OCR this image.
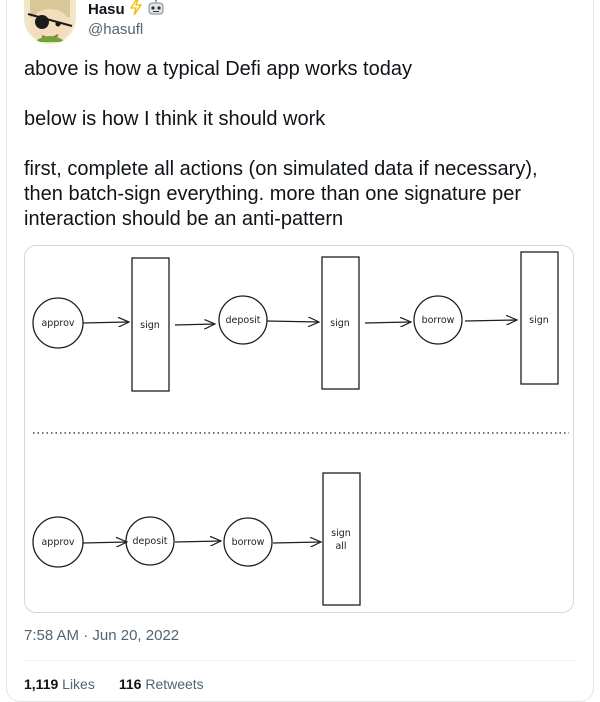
Hasu
@hasufl

above is how a typical Defi app works today

below is how I think it should work

first, complete all actions (on simulated data if necessary), then batch-sign everything. more than one signature per interaction should be an anti-pattern

approv	sign	deposit	sign	borrow	sign
approv	deposit	borrow
sign
all
7:58 AM · Jun 20, 2022
1,119 Likes 116 Retweets
